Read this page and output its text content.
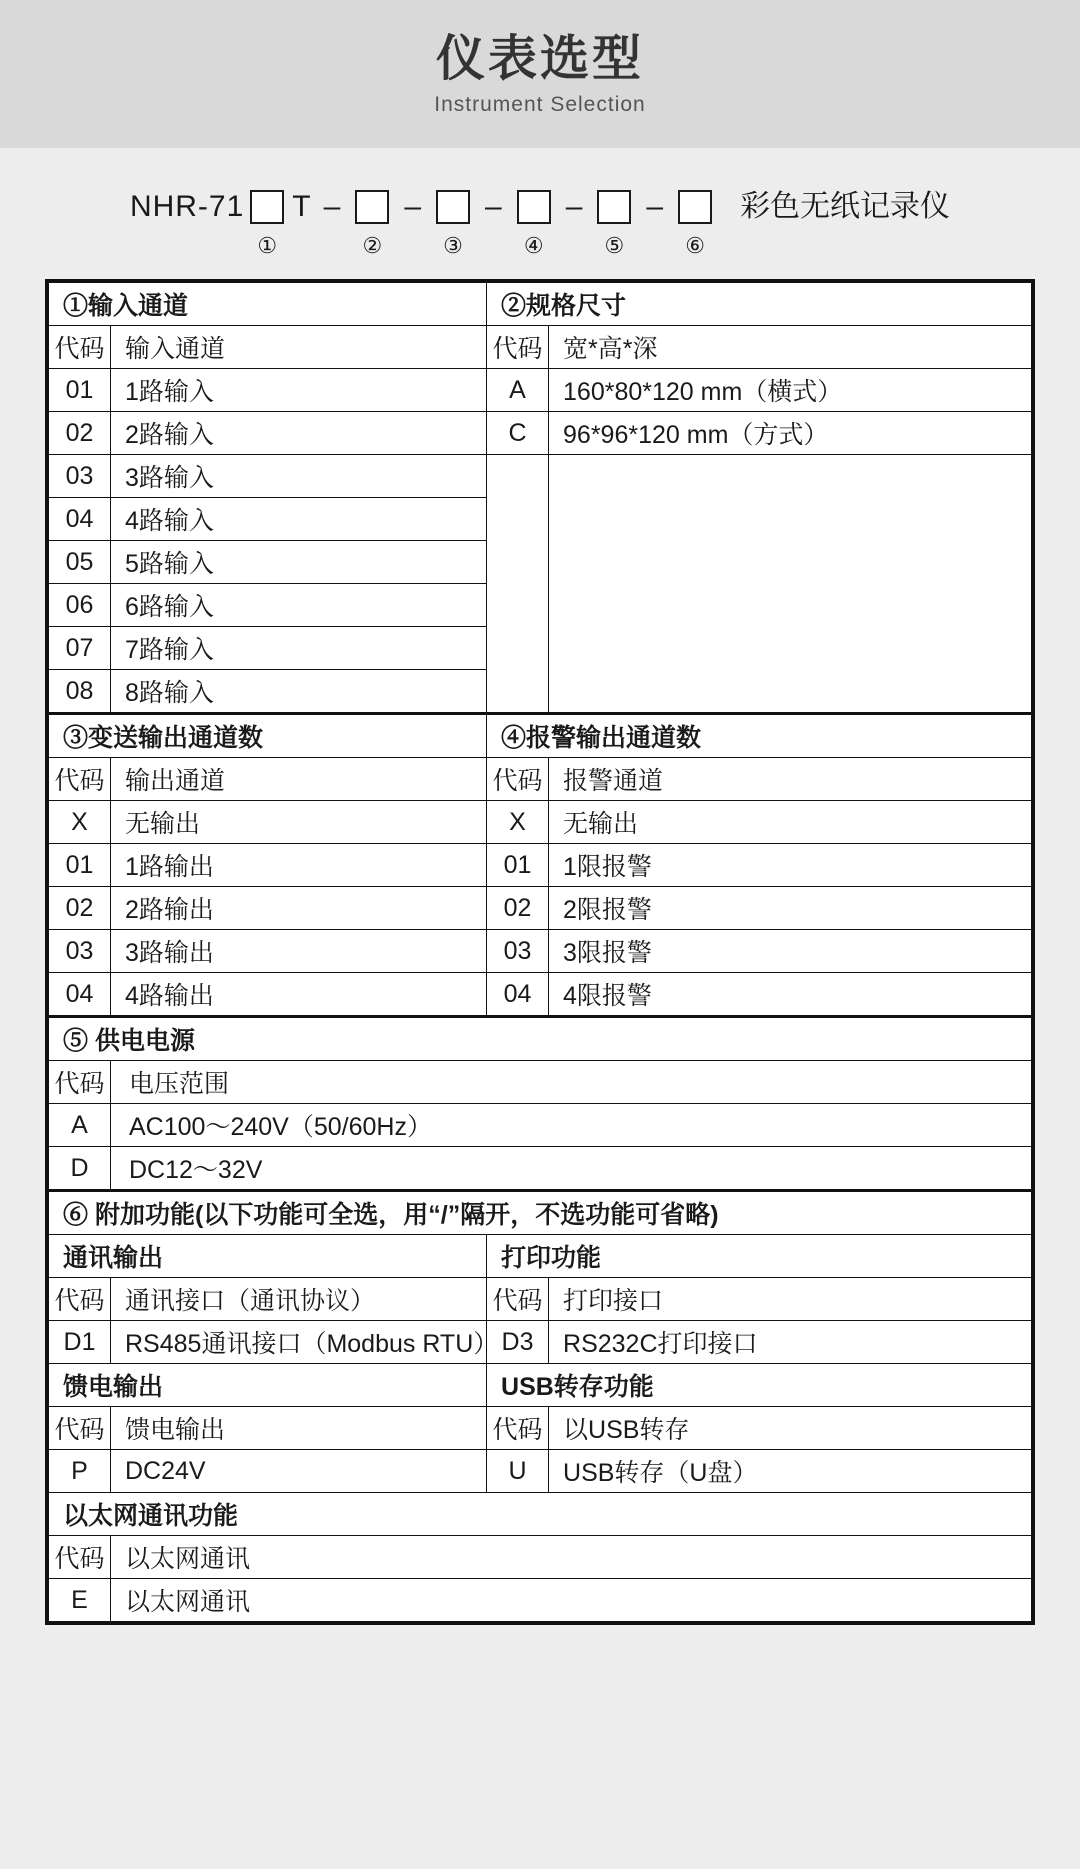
仪表选型
Instrument Selection
NHR-71
①
T –
②
–
③
–
④
–
⑤
–
⑥
彩色无纸记录仪
①输入通道		②规格尺寸	
代码	输入通道	代码	宽*高*深
01	1路输入	A	160*80*120 mm（横式）
02	2路输入	C	96*96*120 mm（方式）
03	3路输入		
04	4路输入		
05	5路输入		
06	6路输入		
07	7路输入		
08	8路输入		
③变送输出通道数		④报警输出通道数	
代码	输出通道	代码	报警通道
X	无输出	X	无输出
01	1路输出	01	1限报警
02	2路输出	02	2限报警
03	3路输出	03	3限报警
04	4路输出	04	4限报警
⑤ 供电电源			
代码	电压范围		
A	AC100～240V（50/60Hz）		
D	DC12～32V		
⑥ 附加功能(以下功能可全选，用“/”隔开，不选功能可省略)			
通讯输出		打印功能	
代码	通讯接口（通讯协议）	代码	打印接口
D1	RS485通讯接口（Modbus RTU）	D3	RS232C打印接口
馈电输出		USB转存功能	
代码	馈电输出	代码	以USB转存
P	DC24V	U	USB转存（U盘）
以太网通讯功能			
代码	以太网通讯		
E	以太网通讯		
